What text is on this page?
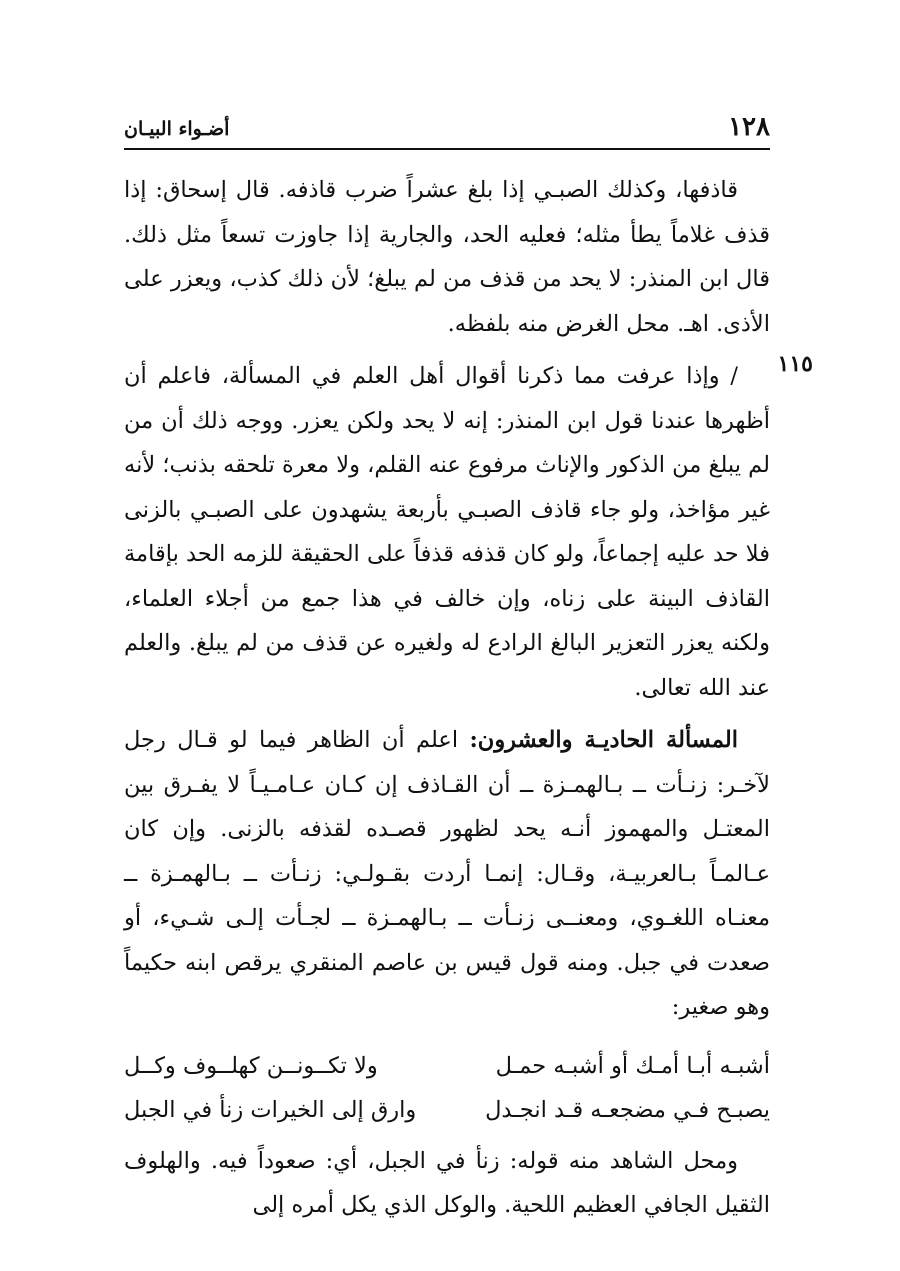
١٢٨
أضـواء البيـان
١١٥

قاذفها، وكذلك الصبـي إذا بلغ عشراً ضرب قاذفه. قال إسحاق: إذا قذف غلاماً يطأ مثله؛ فعليه الحد، والجارية إذا جاوزت تسعاً مثل ذلك. قال ابن المنذر: لا يحد من قذف من لم يبلغ؛ لأن ذلك كذب، ويعزر على الأذى. اهـ. محل الغرض منه بلفظه.

/ وإذا عرفت مما ذكرنا أقوال أهل العلم في المسألة، فاعلم أن أظهرها عندنا قول ابن المنذر: إنه لا يحد ولكن يعزر. ووجه ذلك أن من لم يبلغ من الذكور والإناث مرفوع عنه القلم، ولا معرة تلحقه بذنب؛ لأنه غير مؤاخذ، ولو جاء قاذف الصبـي بأربعة يشهدون على الصبـي بالزنى فلا حد عليه إجماعاً، ولو كان قذفه قذفاً على الحقيقة للزمه الحد بإقامة القاذف البينة على زناه، وإن خالف في هذا جمع من أجلاء العلماء، ولكنه يعزر التعزير البالغ الرادع له ولغيره عن قذف من لم يبلغ. والعلم عند الله تعالى.

المسألة الحاديـة والعشرون: اعلم أن الظاهر فيما لو قـال رجل لآخـر: زنـأت ــ بـالهمـزة ــ أن القـاذف إن كـان عـامـيـاً لا يفـرق بين المعتـل والمهموز أنـه يحد لظهور قصـده لقذفه بالزنى. وإن كان عـالمـاً بـالعربيـة، وقـال: إنمـا أردت بقـولـي: زنـأت ــ بـالهمـزة ــ معنـاه اللغـوي، ومعنــى زنـأت ــ بـالهمـزة ــ لجـأت إلـى شـيء، أو صعدت في جبل. ومنه قول قيس بن عاصم المنقري يرقص ابنه حكيماً وهو صغير:

أشبـه أبـا أمـك أو أشبـه حمـل
ولا تكــونــن كهلــوف وكــل
يصبـح فـي مضجعـه قـد انجـدل
وارق إلى الخيرات زنأ في الجبل

ومحل الشاهد منه قوله: زنأ في الجبل، أي: صعوداً فيه. والهلوف الثقيل الجافي العظيم اللحية. والوكل الذي يكل أمره إلى
